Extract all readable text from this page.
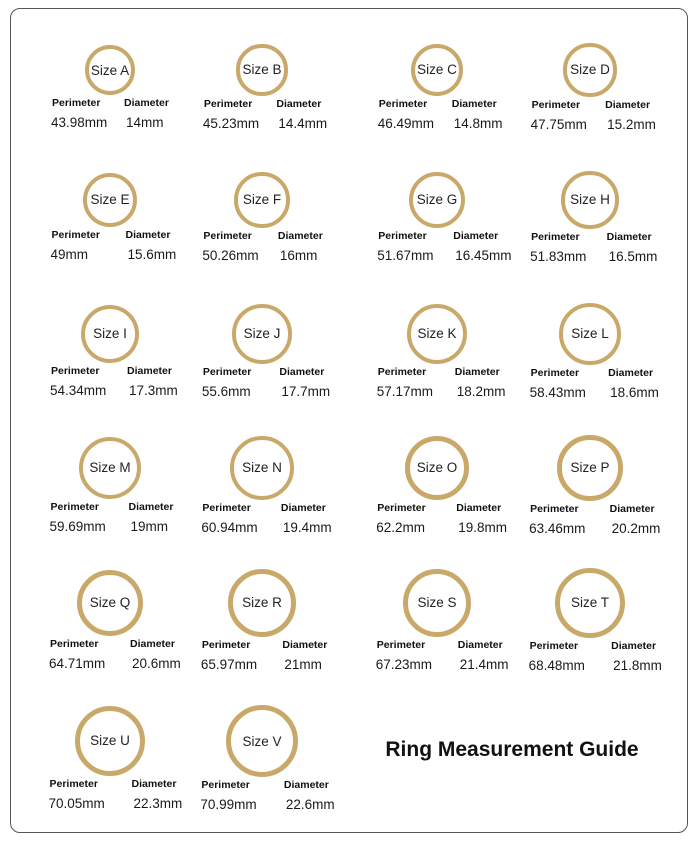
Size A
Perimeter Diameter
43.98mm 14mm
Size B
Perimeter Diameter
45.23mm 14.4mm
Size C
Perimeter Diameter
46.49mm 14.8mm
Size D
Perimeter Diameter
47.75mm 15.2mm
Size E
Perimeter Diameter
49mm	15.6mm
Size F
Perimeter Diameter
50.26mm 16mm
Size G
Perimeter	Diameter
51.67mm 16.45mm
Size H
Perimeter	Diameter
51.83mm 16.5mm
Size I
Perimeter	Diameter
54.34mm 17.3mm
Size J
Perimeter	Diameter
55.6mm 17.7mm
Size K
Perimeter	Diameter
57.17mm 18.2mm
Size L
Perimeter	Diameter
58.43mm 18.6mm
Size M
Perimeter	Diameter
59.69mm 19mm
Size N
Perimeter	Diameter
60.94mm 19.4mm
Size O
Perimeter	Diameter
62.2mm 19.8mm
Size P
Perimeter	Diameter
63.46mm 20.2mm
Size Q
Perimeter	Diameter
64.71mm 20.6mm
Size R
Perimeter	Diameter
65.97mm 21mm
Size S
Perimeter	Diameter
67.23mm 21.4mm
Size T
Perimeter	Diameter
68.48mm 21.8mm
Size U
Perimeter	Diameter
70.05mm 22.3mm
Size V
Perimeter	Diameter
70.99mm 22.6mm
Ring Measurement Guide
